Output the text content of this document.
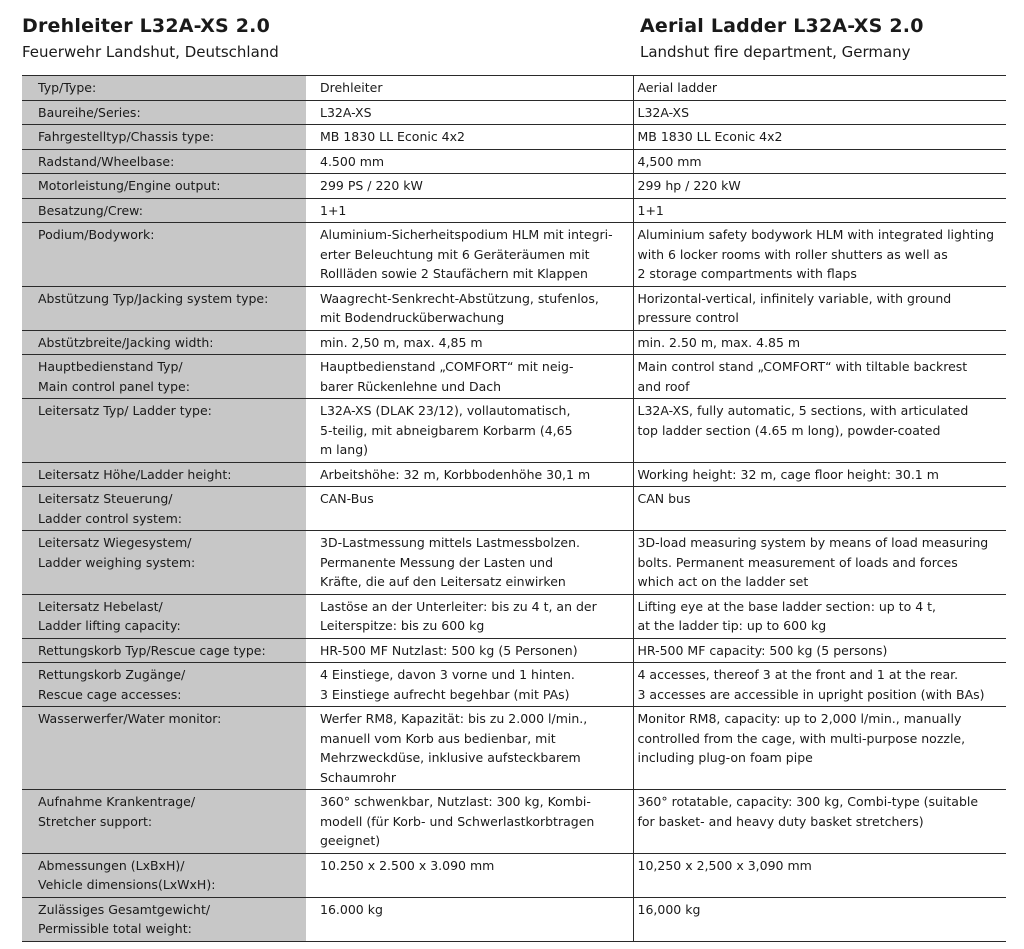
Drehleiter L32A-XS 2.0
Feuerwehr Landshut, Deutschland
Aerial Ladder L32A-XS 2.0
Landshut fire department, Germany
Typ/Type:	Drehleiter	Aerial ladder
Baureihe/Series:	L32A-XS	L32A-XS
Fahrgestelltyp/Chassis type:	MB 1830 LL Econic 4x2	MB 1830 LL Econic 4x2
Radstand/Wheelbase:	4.500 mm	4,500 mm
Motorleistung/Engine output:	299 PS / 220 kW	299 hp / 220 kW
Besatzung/Crew:	1+1	1+1
Podium/Bodywork:	Aluminium-Sicherheitspodium HLM mit integri-
erter Beleuchtung mit 6 Geräteräumen mit
Rollläden sowie 2 Staufächern mit Klappen	Aluminium safety bodywork HLM with integrated lighting
with 6 locker rooms with roller shutters as well as
2 storage compartments with flaps
Abstützung Typ/Jacking system type:	Waagrecht-Senkrecht-Abstützung, stufenlos,
mit Bodendrucküberwachung	Horizontal-vertical, infinitely variable, with ground
pressure control
Abstützbreite/Jacking width:	min. 2,50 m, max. 4,85 m	min. 2.50 m, max. 4.85 m
Hauptbedienstand Typ/
Main control panel type:	Hauptbedienstand „COMFORT“ mit neig-
barer Rückenlehne und Dach	Main control stand „COMFORT“ with tiltable backrest
and roof
Leitersatz Typ/ Ladder type:	L32A-XS (DLAK 23/12), vollautomatisch,
5-teilig, mit abneigbarem Korbarm (4,65
m lang)	L32A-XS, fully automatic, 5 sections, with articulated
top ladder section (4.65 m long), powder-coated
Leitersatz Höhe/Ladder height:	Arbeitshöhe: 32 m, Korbbodenhöhe 30,1 m	Working height: 32 m, cage floor height: 30.1 m
Leitersatz Steuerung/
Ladder control system:	CAN-Bus	CAN bus
Leitersatz Wiegesystem/
Ladder weighing system:	3D-Lastmessung mittels Lastmessbolzen.
Permanente Messung der Lasten und
Kräfte, die auf den Leitersatz einwirken	3D-load measuring system by means of load measuring
bolts. Permanent measurement of loads and forces
which act on the ladder set
Leitersatz Hebelast/
Ladder lifting capacity:	Lastöse an der Unterleiter: bis zu 4 t, an der
Leiterspitze: bis zu 600 kg	Lifting eye at the base ladder section: up to 4 t,
at the ladder tip: up to 600 kg
Rettungskorb Typ/Rescue cage type:	HR-500 MF Nutzlast: 500 kg (5 Personen)	HR-500 MF capacity: 500 kg (5 persons)
Rettungskorb Zugänge/
Rescue cage accesses:	4 Einstiege, davon 3 vorne und 1 hinten.
3 Einstiege aufrecht begehbar (mit PAs)	4 accesses, thereof 3 at the front and 1 at the rear.
3 accesses are accessible in upright position (with BAs)
Wasserwerfer/Water monitor:	Werfer RM8, Kapazität: bis zu 2.000 l/min.,
manuell vom Korb aus bedienbar, mit
Mehrzweckdüse, inklusive aufsteckbarem
Schaumrohr	Monitor RM8, capacity: up to 2,000 l/min., manually
controlled from the cage, with multi-purpose nozzle,
including plug-on foam pipe
Aufnahme Krankentrage/
Stretcher support:	360° schwenkbar, Nutzlast: 300 kg, Kombi-
modell (für Korb- und Schwerlastkorbtragen
geeignet)	360° rotatable, capacity: 300 kg, Combi-type (suitable
for basket- and heavy duty basket stretchers)
Abmessungen (LxBxH)/
Vehicle dimensions(LxWxH):	10.250 x 2.500 x 3.090 mm	10,250 x 2,500 x 3,090 mm
Zulässiges Gesamtgewicht/
Permissible total weight:	16.000 kg	16,000 kg
